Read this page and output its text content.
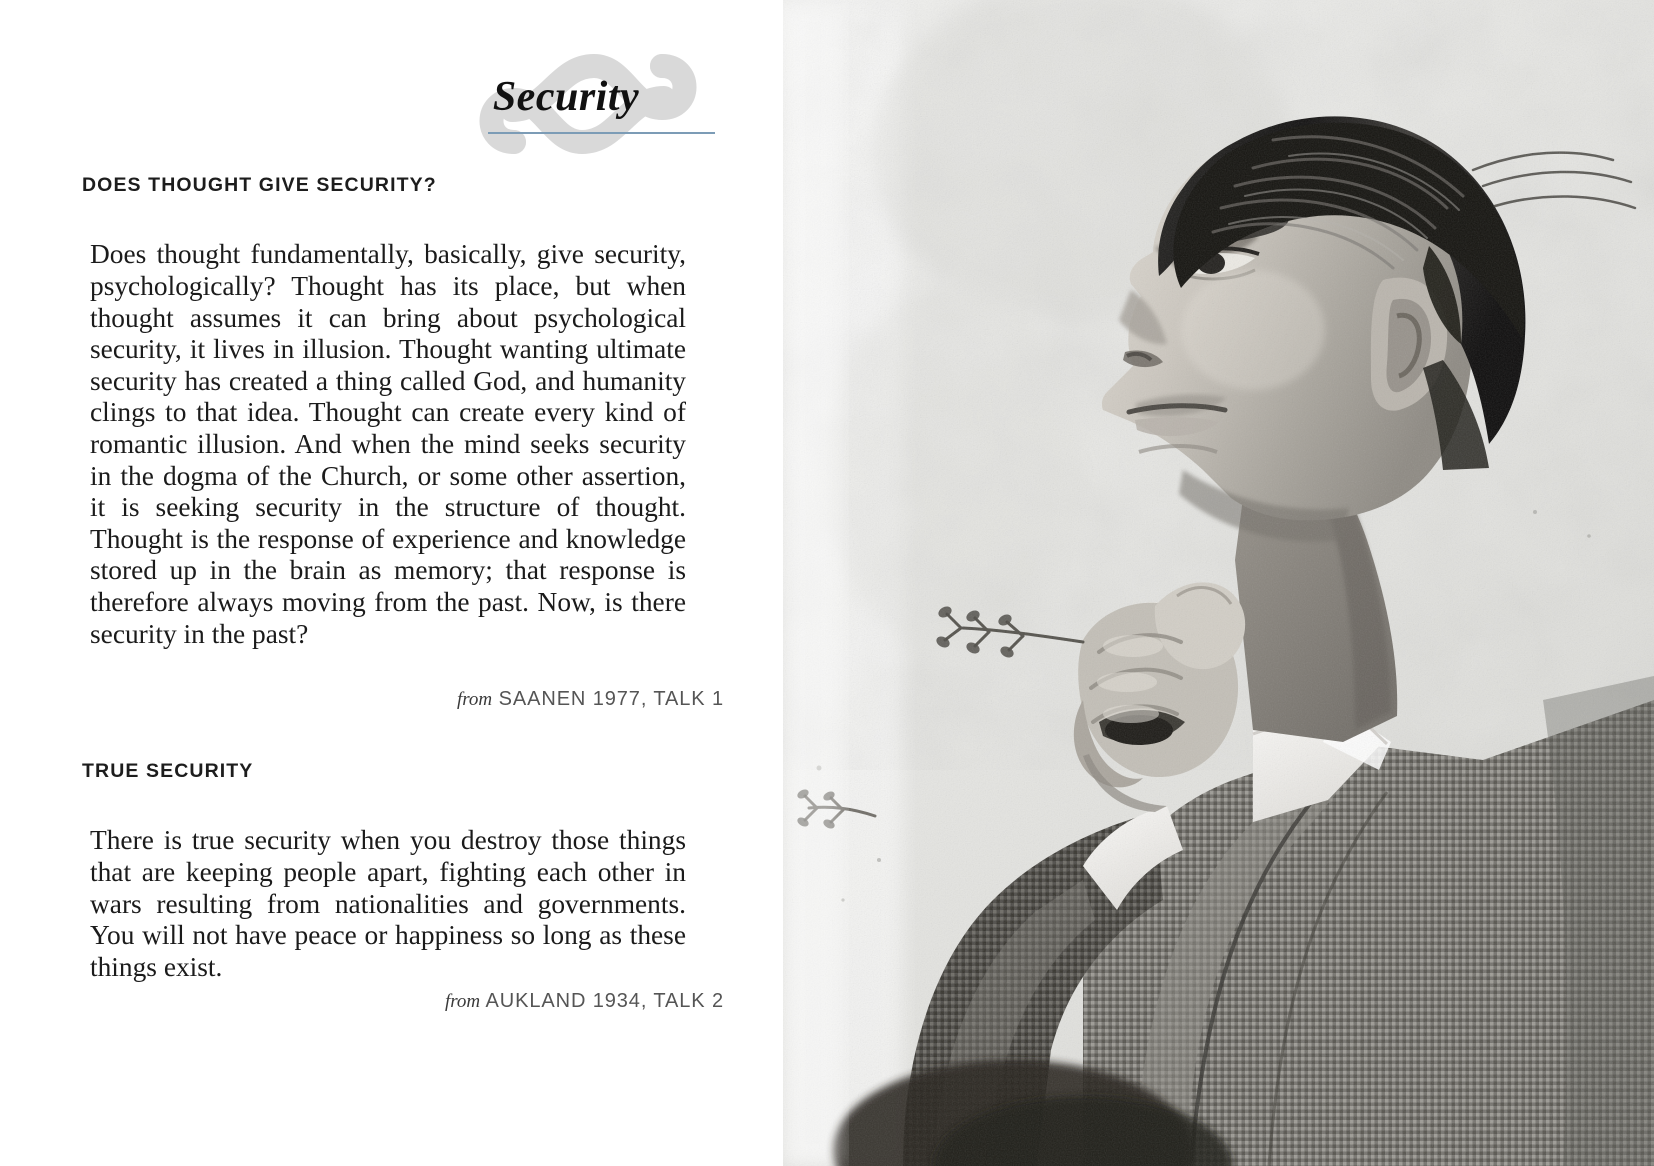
Security
DOES THOUGHT GIVE SECURITY?

Does thought fundamentally, basically, give security, psychologically? Thought has its place, but when thought assumes it can bring about psychological security, it lives in illusion. Thought wanting ultimate security has created a thing called God, and humanity clings to that idea. Thought can create every kind of romantic illusion. And when the mind seeks security in the dogma of the Church, or some other assertion, it is seeking security in the structure of thought. Thought is the response of experience and knowledge stored up in the brain as memory; that response is therefore always moving from the past. Now, is there security in the past?

from SAANEN 1977, TALK 1
TRUE SECURITY

There is true security when you destroy those things that are keeping people apart, fighting each other in wars resulting from nationalities and governments. You will not have peace or happiness so long as these things exist.

from AUKLAND 1934, TALK 2
